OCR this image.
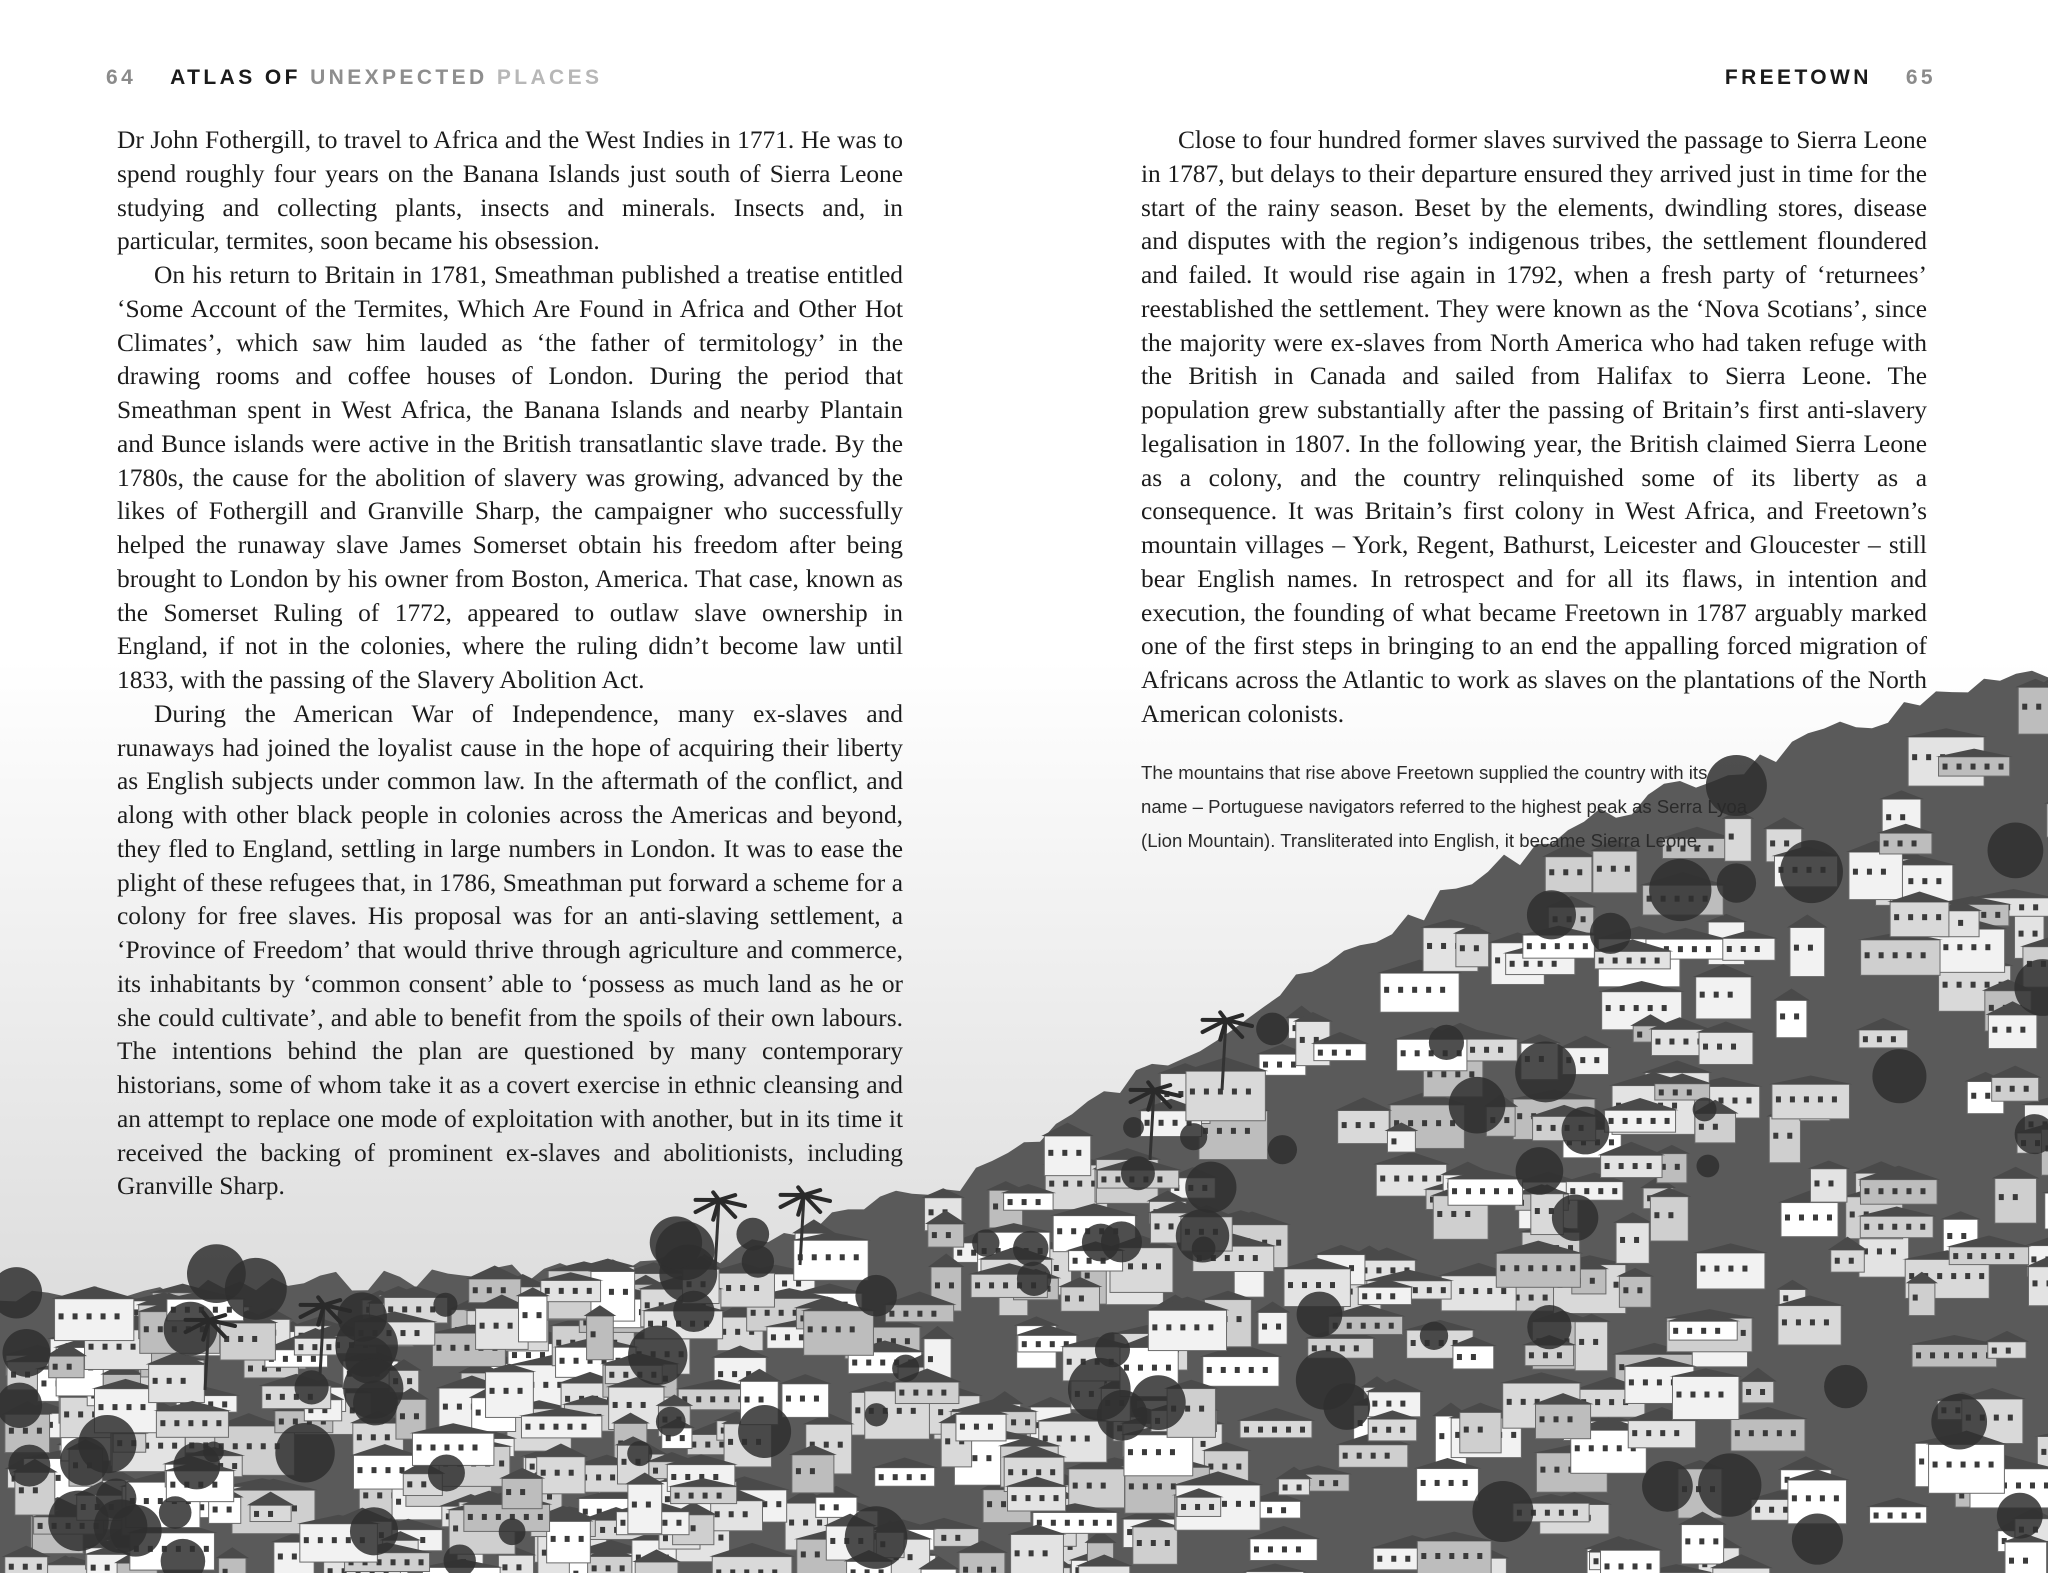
64 ATLAS OF UNEXPECTED PLACES	FREETOWN 65

Dr John Fothergill, to travel to Africa and the West Indies in 1771. He was to spend roughly four years on the Banana Islands just south of Sierra Leone studying and collecting plants, insects and minerals. Insects and, in particular, termites, soon became his obsession.

On his return to Britain in 1781, Smeathman published a treatise entitled ‘Some Account of the Termites, Which Are Found in Africa and Other Hot Climates’, which saw him lauded as ‘the father of termitology’ in the drawing rooms and coffee houses of London. During the period that Smeathman spent in West Africa, the Banana Islands and nearby Plantain and Bunce islands were active in the British transatlantic slave trade. By the 1780s, the cause for the abolition of slavery was growing, advanced by the likes of Fothergill and Granville Sharp, the campaigner who successfully helped the runaway slave James Somerset obtain his freedom after being brought to London by his owner from Boston, America. That case, known as the Somerset Ruling of 1772, appeared to outlaw slave ownership in England, if not in the colonies, where the ruling didn’t become law until 1833, with the passing of the Slavery Abolition Act.

During the American War of Independence, many ex-slaves and runaways had joined the loyalist cause in the hope of acquiring their liberty as English subjects under common law. In the aftermath of the conflict, and along with other black people in colonies across the Americas and beyond, they fled to England, settling in large numbers in London. It was to ease the plight of these refugees that, in 1786, Smeathman put forward a scheme for a colony for free slaves. His proposal was for an anti-slaving settlement, a ‘Province of Freedom’ that would thrive through agriculture and commerce, its inhabitants by ‘common consent’ able to ‘possess as much land as he or she could cultivate’, and able to benefit from the spoils of their own labours. The intentions behind the plan are questioned by many contemporary historians, some of whom take it as a covert exercise in ethnic cleansing and an attempt to replace one mode of exploitation with another, but in its time it received the backing of prominent ex-slaves and abolitionists, including Granville Sharp.

Close to four hundred former slaves survived the passage to Sierra Leone in 1787, but delays to their departure ensured they arrived just in time for the start of the rainy season. Beset by the elements, dwindling stores, disease and disputes with the region’s indigenous tribes, the settlement floundered and failed. It would rise again in 1792, when a fresh party of ‘returnees’ reestablished the settlement. They were known as the ‘Nova Scotians’, since the majority were ex-slaves from North America who had taken refuge with the British in Canada and sailed from Halifax to Sierra Leone. The population grew substantially after the passing of Britain’s first anti-slavery legalisation in 1807. In the following year, the British claimed Sierra Leone as a colony, and the country relinquished some of its liberty as a consequence. It was Britain’s first colony in West Africa, and Freetown’s mountain villages – York, Regent, Bathurst, Leicester and Gloucester – still bear English names. In retrospect and for all its flaws, in intention and execution, the founding of what became Freetown in 1787 arguably marked one of the first steps in bringing to an end the appalling forced migration of Africans across the Atlantic to work as slaves on the plantations of the North American colonists.

The mountains that rise above Freetown supplied the country with its name – Portuguese navigators referred to the highest peak as Serra Lyoa (Lion Mountain). Transliterated into English, it became Sierra Leone.
